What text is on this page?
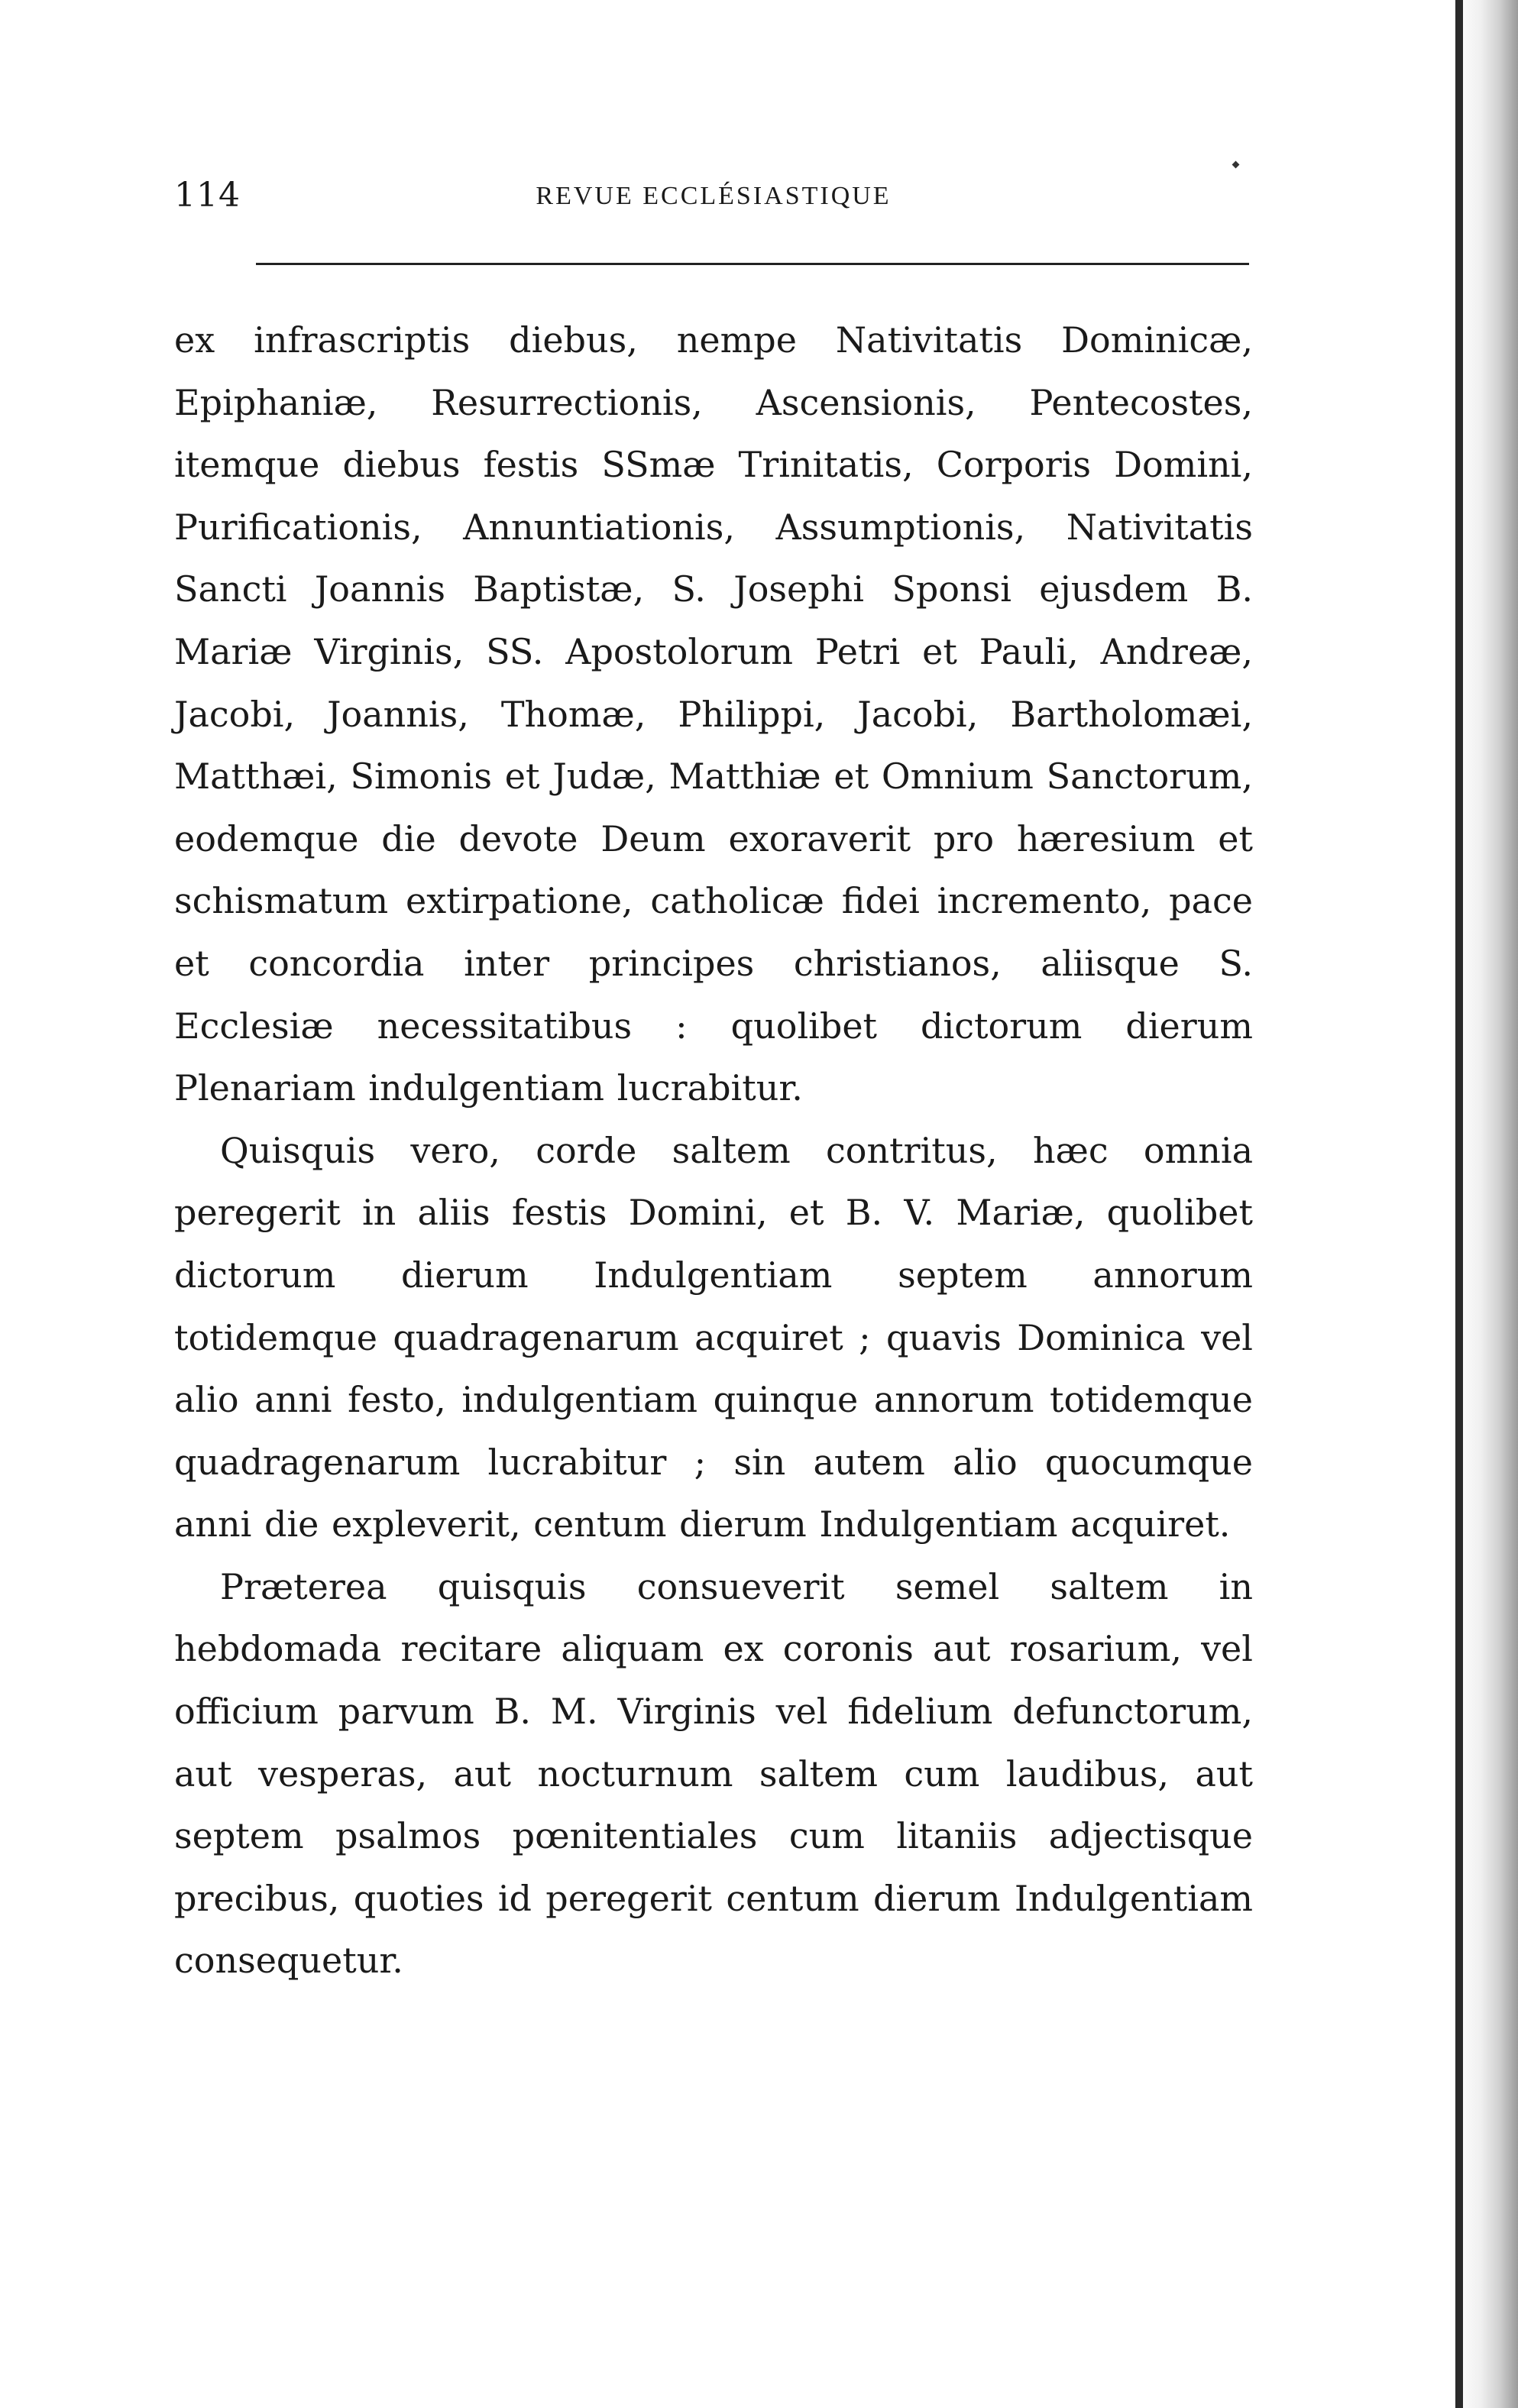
114	REVUE ECCLÉSIASTIQUE

ex infrascriptis diebus, nempe Nativitatis Dominicæ, Epiphaniæ, Resurrectionis, Ascensionis, Pentecostes, itemque diebus festis SSmæ Trinitatis, Corporis Domini, Purificationis, Annuntiationis, Assumptionis, Nativitatis Sancti Joannis Baptistæ, S. Josephi Sponsi ejusdem B. Mariæ Virginis, SS. Apostolorum Petri et Pauli, Andreæ, Jacobi, Joannis, Thomæ, Philippi, Jacobi, Bartholomæi, Matthæi, Simonis et Judæ, Matthiæ et Omnium Sanctorum, eodemque die devote Deum exoraverit pro hæresium et schismatum extirpatione, catholicæ fidei incremento, pace et concordia inter principes christianos, aliisque S. Ecclesiæ necessitatibus : quolibet dictorum dierum Plenariam indulgentiam lucrabitur.

Quisquis vero, corde saltem contritus, hæc omnia peregerit in aliis festis Domini, et B. V. Mariæ, quolibet dictorum dierum Indulgentiam septem annorum totidemque quadragenarum acquiret ; quavis Dominica vel alio anni festo, indulgentiam quinque annorum totidemque quadragenarum lucrabitur ; sin autem alio quocumque anni die expleverit, centum dierum Indulgentiam acquiret.

Præterea quisquis consueverit semel saltem in hebdomada recitare aliquam ex coronis aut rosarium, vel officium parvum B. M. Virginis vel fidelium defunctorum, aut vesperas, aut nocturnum saltem cum laudibus, aut septem psalmos pœnitentiales cum litaniis adjectisque precibus, quoties id peregerit centum dierum Indulgentiam consequetur.
